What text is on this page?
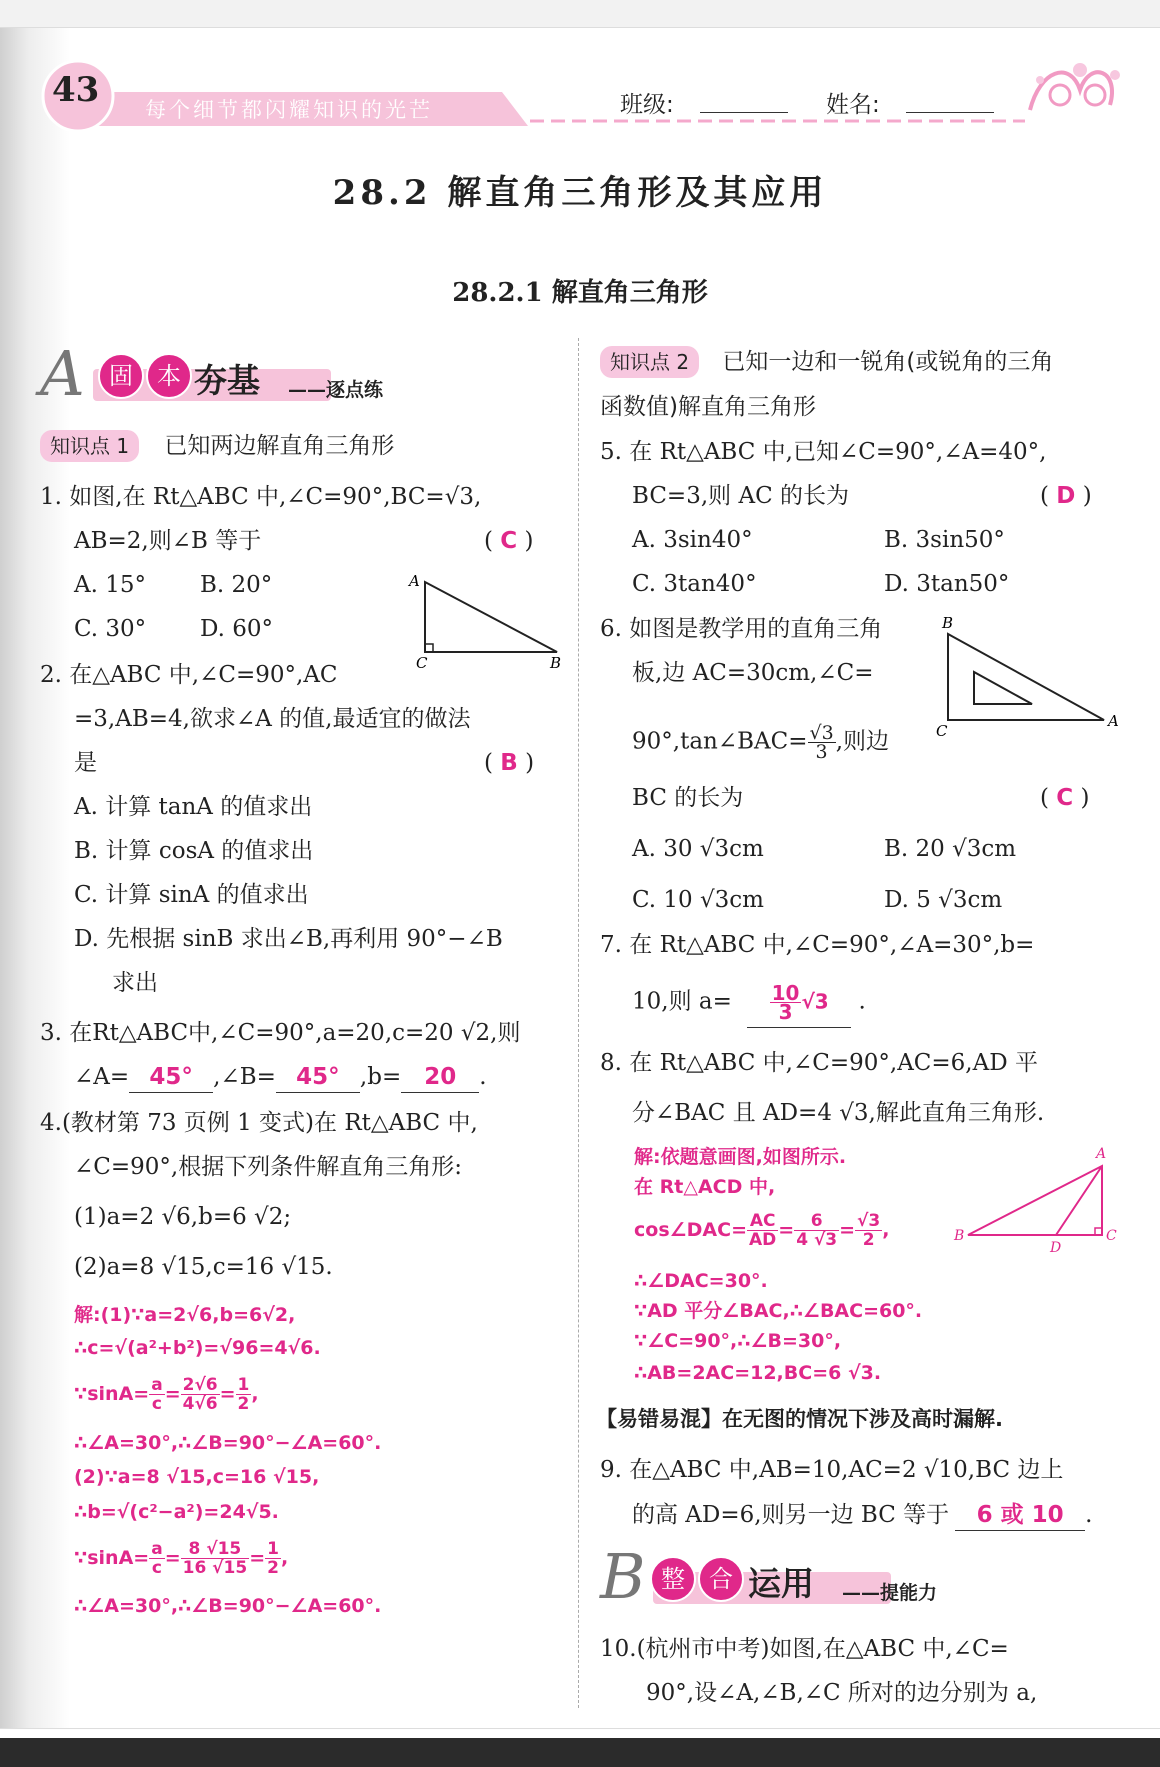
43 每个细节都闪耀知识的光芒	班级:	姓名:
28.2 解直角三角形及其应用
28.2.1 解直角三角形
A	固	本 夯基 ——逐点练
知识点 1 已知两边解直角三角形
1. 如图,在 Rt△ABC 中,∠C=90°,BC=√3,
AB=2,则∠B 等于	( C )
A. 15° B. 20°
C. 30° D. 60°
A
C	B
2. 在△ABC 中,∠C=90°,AC
=3,AB=4,欲求∠A 的值,最适宜的做法
是	( B )
A. 计算 tanA 的值求出
B. 计算 cosA 的值求出
C. 计算 sinA 的值求出
D. 先根据 sinB 求出∠B,再利用 90°−∠B
求出
3. 在Rt△ABC中,∠C=90°,a=20,c=20 √2,则
∠A= 45° ,∠B= 45° ,b= 20 .
4.(教材第 73 页例 1 变式)在 Rt△ABC 中,
∠C=90°,根据下列条件解直角三角形:
(1)a=2 √6,b=6 √2;
(2)a=8 √15,c=16 √15.
解:(1)∵a=2√6,b=6√2,
∴c=√(a²+b²)=√96=4√6.
∵sinA= $\frac{a}{c} = \frac{2√6}{4√6} = \frac{1}{2}$ ,
∴∠A=30°,∴∠B=90°−∠A=60°.
(2)∵a=8 √15,c=16 √15,
∴b=√(c²−a²)=24√5.
∵sinA= $\frac{a}{c} = \frac{8 √15}{16 √15} = \frac{1}{2}$ ,
∴∠A=30°,∴∠B=90°−∠A=60°.
知识点 2 已知一边和一锐角(或锐角的三角
函数值)解直角三角形
5. 在 Rt△ABC 中,已知∠C=90°,∠A=40°,
BC=3,则 AC 的长为	( D )
A. 3sin40°	B. 3sin50°
C. 3tan40°	D. 3tan50°
6. 如图是教学用的直角三角
板,边 AC=30cm,∠C=
90°,tan∠BAC= $\frac{√3}{3}$ ,则边
BC 的长为	( C )
A. 30 √3cm	B. 20 √3cm
C. 10 √3cm	D. 5 √3cm
B
C
A
7. 在 Rt△ABC 中,∠C=90°,∠A=30°,b=
10,则 $a= \frac{10}{3} √3$ .
8. 在 Rt△ABC 中,∠C=90°,AC=6,AD 平
分∠BAC 且 AD=4 √3,解此直角三角形.
解:依题意画图,如图所示.
在 Rt△ACD 中,
cos∠DAC= $\frac{AC}{AD} = \frac{6}{4 √3} = \frac{√3}{2}$ ,
∴∠DAC=30°.
∵AD 平分∠BAC,∴∠BAC=60°.
∵∠C=90°,∴∠B=30°,
∴AB=2AC=12,BC=6 √3.
A
B
D
C
【易错易混】在无图的情况下涉及高时漏解.
9. 在△ABC 中,AB=10,AC=2 √10,BC 边上
的高 AD=6,则另一边 BC 等于 6 或 10 .
B 整	合 运用 ——提能力
10.(杭州市中考)如图,在△ABC 中,∠C=
90°,设∠A,∠B,∠C 所对的边分别为 a,
